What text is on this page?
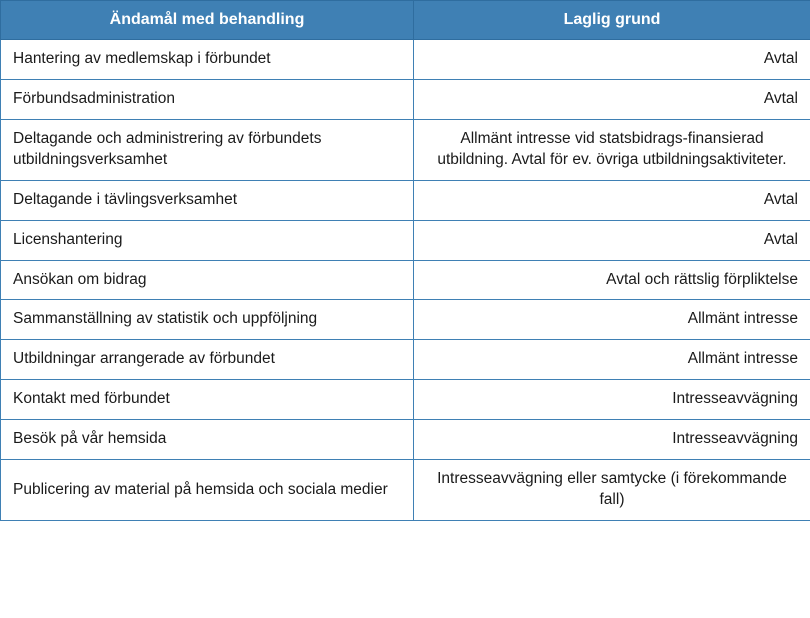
Ändamål med behandling	Laglig grund
Hantering av medlemskap i förbundet	Avtal
Förbundsadministration	Avtal
Deltagande och administrering av förbundets utbildningsverksamhet	Allmänt intresse vid statsbidrags-finansierad utbildning. Avtal för ev. övriga utbildningsaktiviteter.
Deltagande i tävlingsverksamhet	Avtal
Licenshantering	Avtal
Ansökan om bidrag	Avtal och rättslig förpliktelse
Sammanställning av statistik och uppföljning	Allmänt intresse
Utbildningar arrangerade av förbundet	Allmänt intresse
Kontakt med förbundet	Intresseavvägning
Besök på vår hemsida	Intresseavvägning
Publicering av material på hemsida och sociala medier	Intresseavvägning eller samtycke (i förekommande fall)
